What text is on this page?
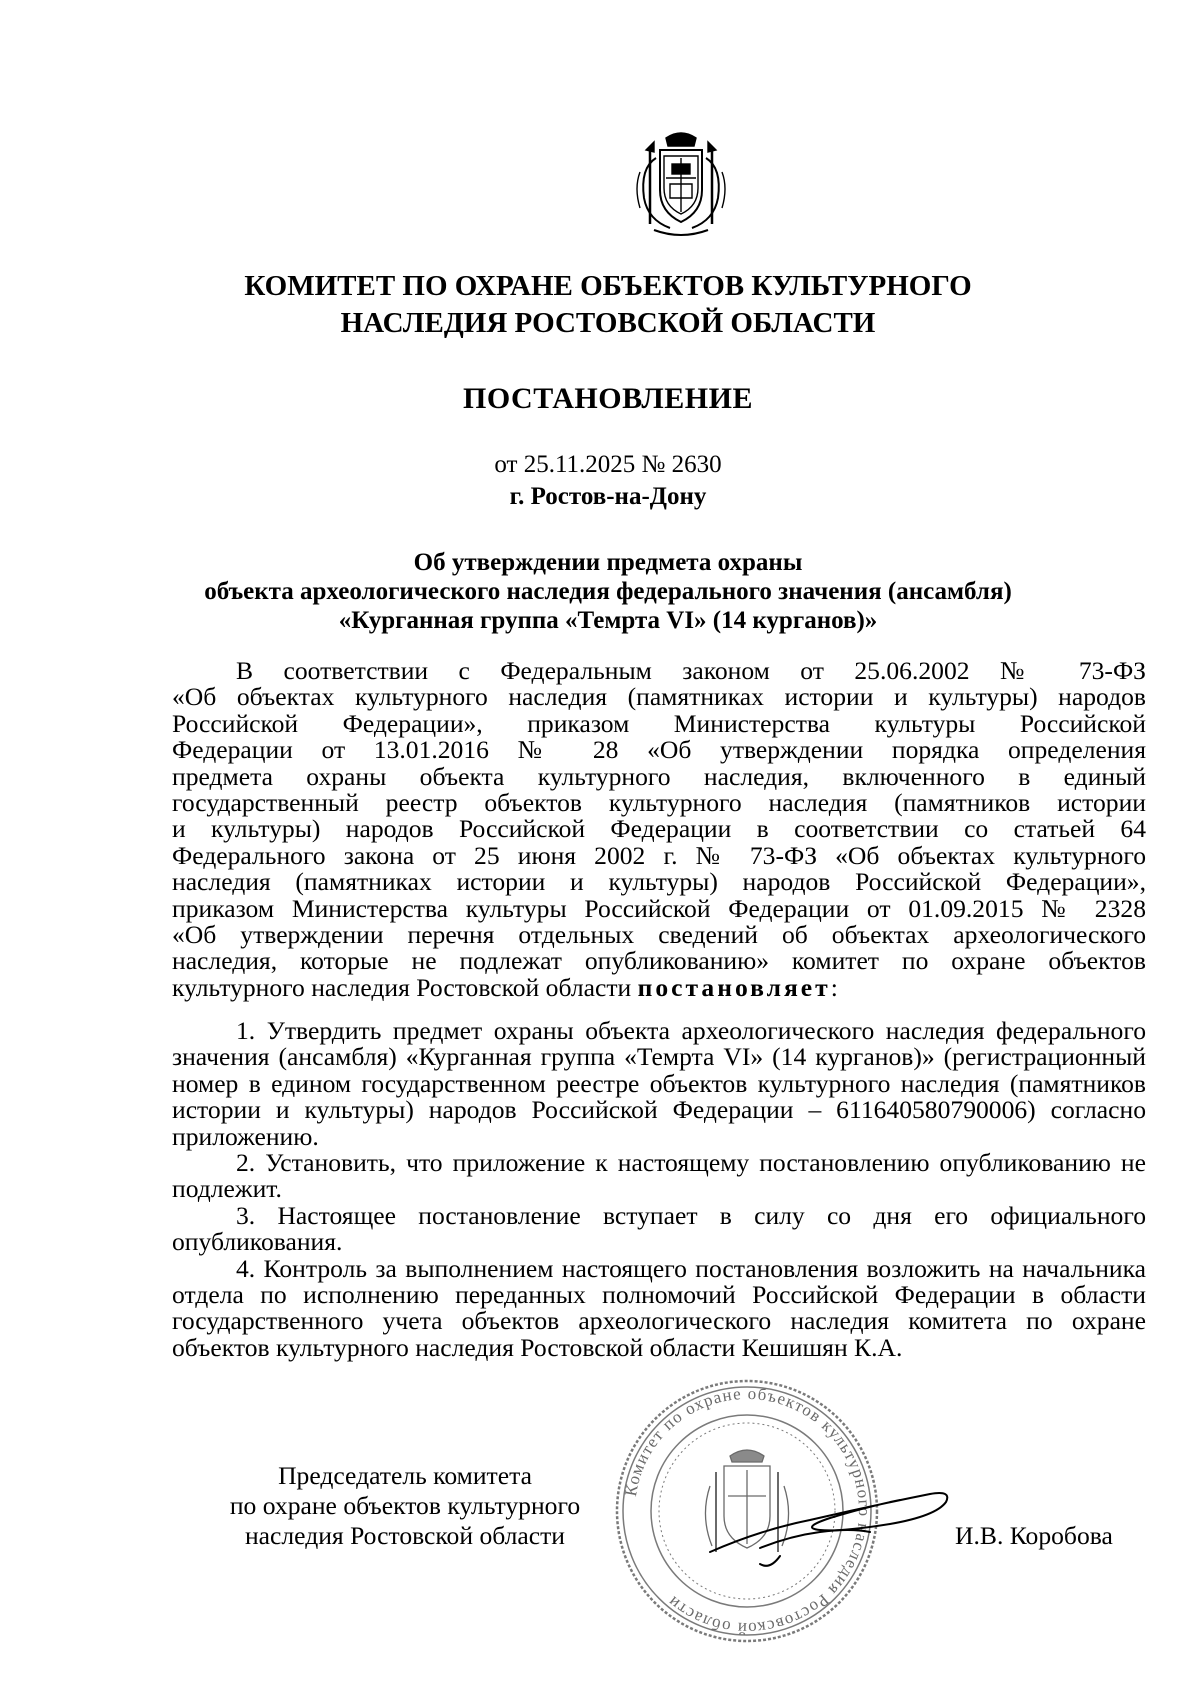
КОМИТЕТ ПО ОХРАНЕ ОБЪЕКТОВ КУЛЬТУРНОГО
НАСЛЕДИЯ РОСТОВСКОЙ ОБЛАСТИ
ПОСТАНОВЛЕНИЕ
от 25.11.2025 № 2630
г. Ростов-на-Дону
Об утверждении предмета охраны
объекта археологического наследия федерального значения (ансамбля)
«Курганная группа «Темрта VI» (14 курганов)»
В соответствии с Федеральным законом от 25.06.2002 № 73-ФЗ
«Об объектах культурного наследия (памятниках истории и культуры) народов
Российской Федерации», приказом Министерства культуры Российской
Федерации от 13.01.2016 № 28 «Об утверждении порядка определения
предмета охраны объекта культурного наследия, включенного в единый
государственный реестр объектов культурного наследия (памятников истории
и культуры) народов Российской Федерации в соответствии со статьей 64
Федерального закона от 25 июня 2002 г. № 73-ФЗ «Об объектах культурного
наследия (памятниках истории и культуры) народов Российской Федерации»,
приказом Министерства культуры Российской Федерации от 01.09.2015 № 2328
«Об утверждении перечня отдельных сведений об объектах археологического
наследия, которые не подлежат опубликованию» комитет по охране объектов
культурного наследия Ростовской области постановляет:
1. Утвердить предмет охраны объекта археологического наследия федерального значения (ансамбля) «Курганная группа «Темрта VI» (14 курганов)» (регистрационный номер в едином государственном реестре объектов культурного наследия (памятников истории и культуры) народов Российской Федерации – 611640580790006) согласно приложению.
2. Установить, что приложение к настоящему постановлению опубликованию не подлежит.
3. Настоящее постановление вступает в силу со дня его официального опубликования.
4. Контроль за выполнением настоящего постановления возложить на начальника отдела по исполнению переданных полномочий Российской Федерации в области государственного учета объектов археологического наследия комитета по охране объектов культурного наследия Ростовской области Кешишян К.А.
Председатель комитета
по охране объектов культурного
наследия Ростовской области
Комитет по охране объектов культурного наследия Ростовской области
И.В. Коробова
